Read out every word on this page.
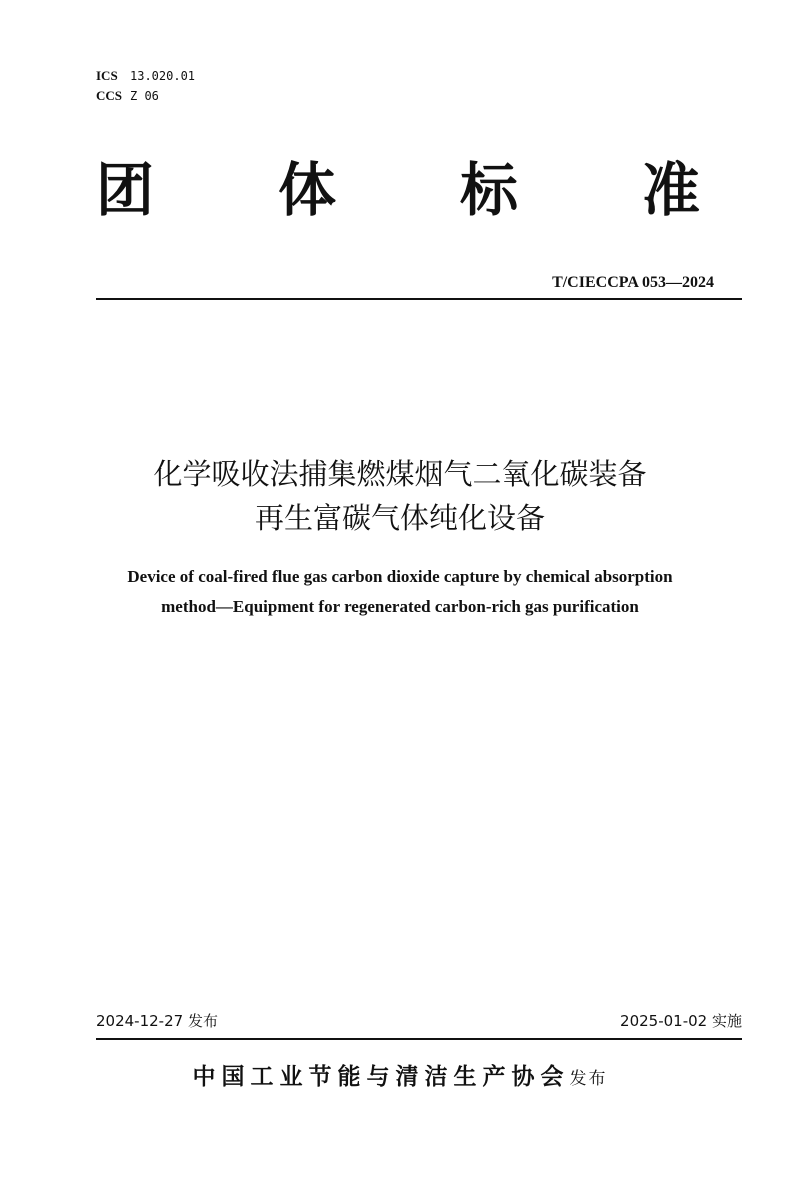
ICS 13.020.01
CCS Z 06
团 体 标 准
T/CIECCPA 053—2024
化学吸收法捕集燃煤烟气二氧化碳装备
再生富碳气体纯化设备
Device of coal-fired flue gas carbon dioxide capture by chemical absorption
method—Equipment for regenerated carbon-rich gas purification
2024-12-27 发布	2025-01-02 实施
中国工业节能与清洁生产协会发布
